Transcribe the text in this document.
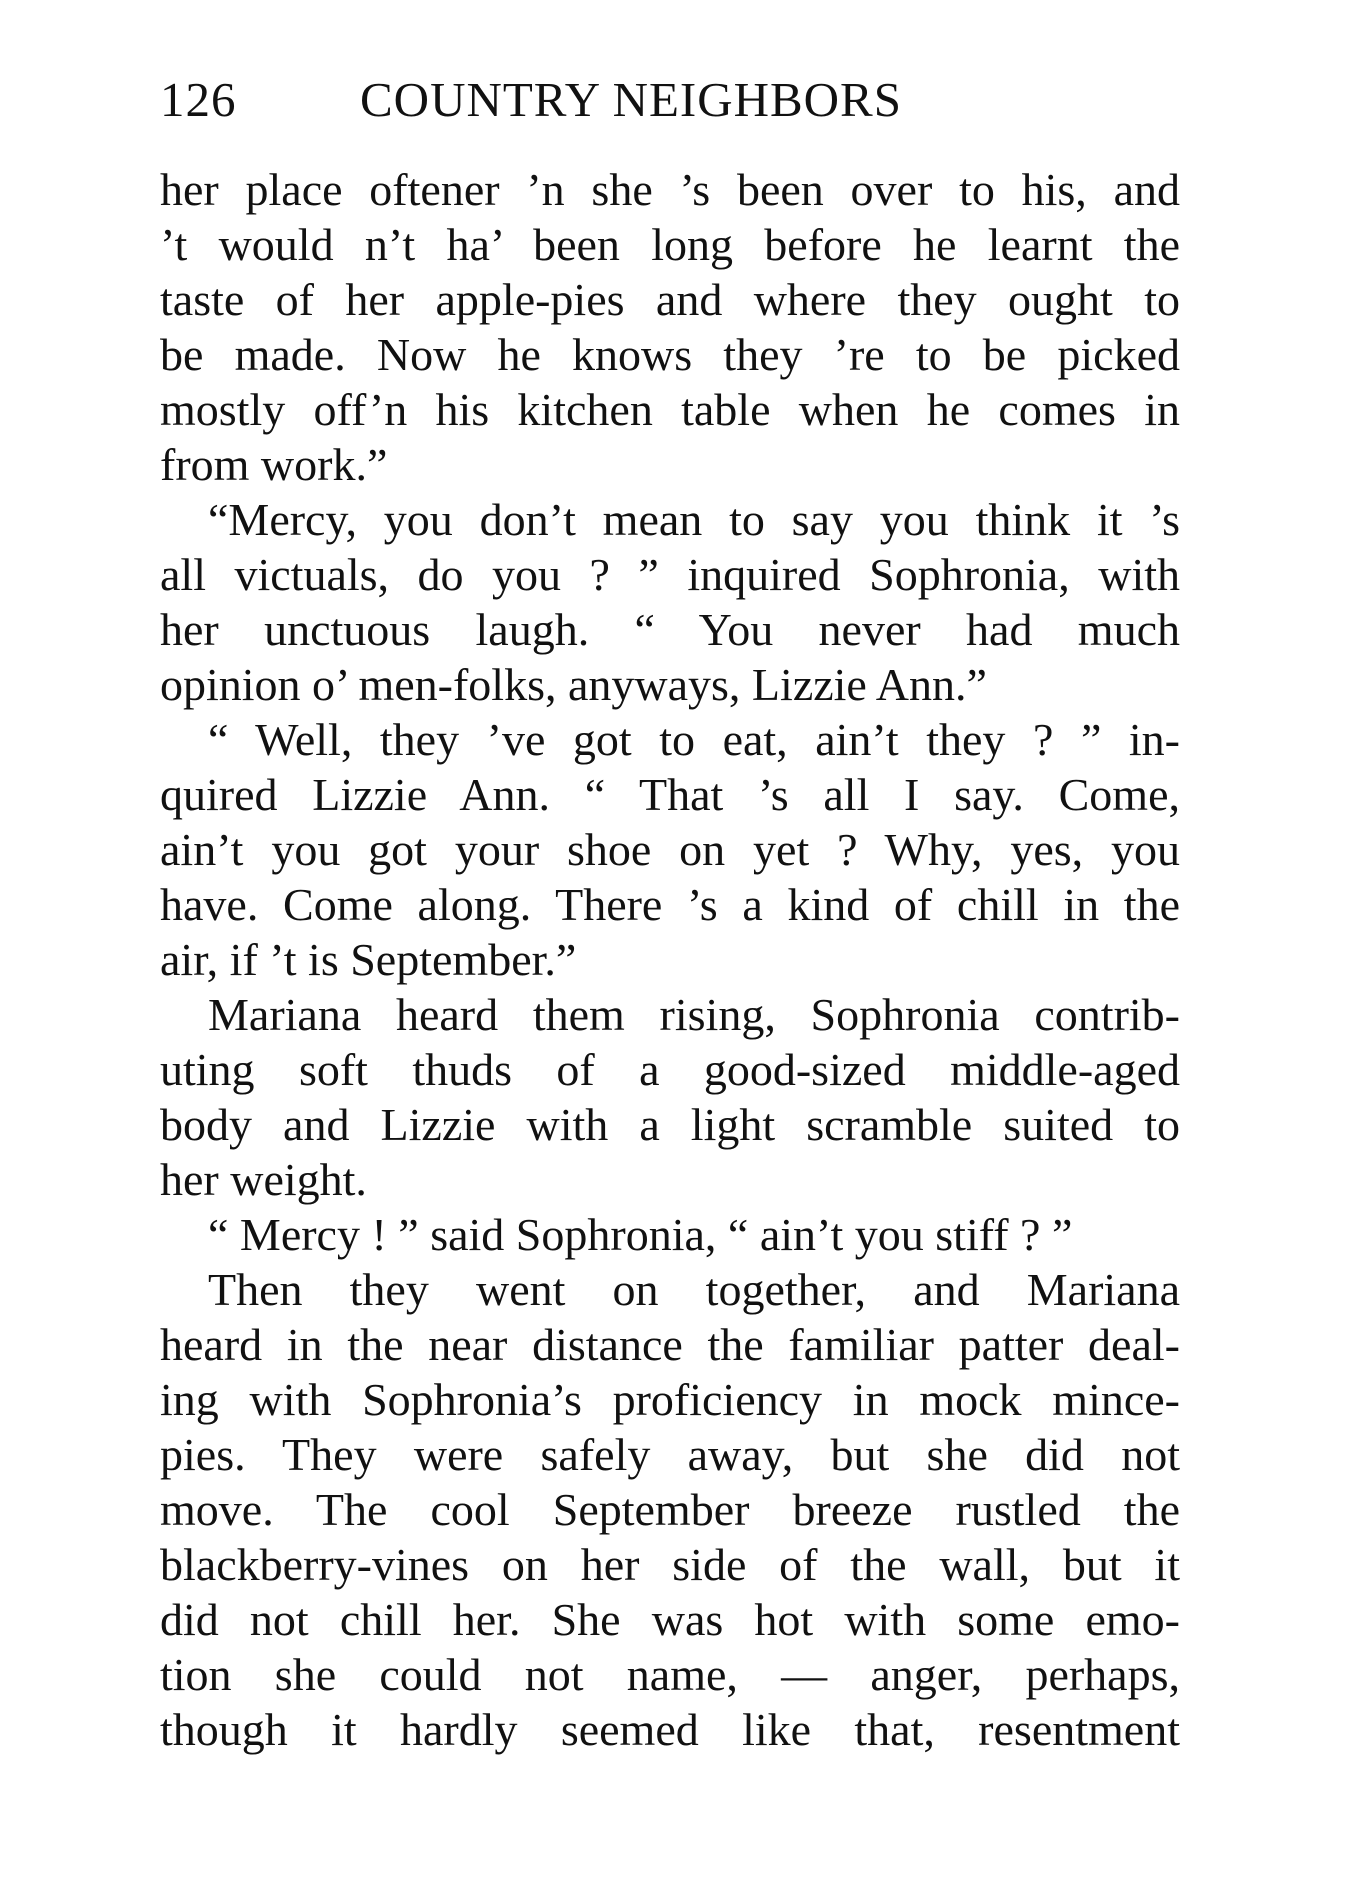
126	COUNTRY NEIGHBORS
her place oftener ’n she ’s been over to his, and
’t would n’t ha’ been long before he learnt the
taste of her apple-pies and where they ought to
be made. Now he knows they ’re to be picked
mostly off’n his kitchen table when he comes in
from work.”
“Mercy, you don’t mean to say you think it ’s
all victuals, do you ? ” inquired Sophronia, with
her unctuous laugh. “ You never had much
opinion o’ men-folks, anyways, Lizzie Ann.”
“ Well, they ’ve got to eat, ain’t they ? ” in-
quired Lizzie Ann. “ That ’s all I say. Come,
ain’t you got your shoe on yet ? Why, yes, you
have. Come along. There ’s a kind of chill in the
air, if ’t is September.”
Mariana heard them rising, Sophronia contrib-
uting soft thuds of a good-sized middle-aged
body and Lizzie with a light scramble suited to
her weight.
“ Mercy ! ” said Sophronia, “ ain’t you stiff ? ”
Then they went on together, and Mariana
heard in the near distance the familiar patter deal-
ing with Sophronia’s proficiency in mock mince-
pies. They were safely away, but she did not
move. The cool September breeze rustled the
blackberry-vines on her side of the wall, but it
did not chill her. She was hot with some emo-
tion she could not name, — anger, perhaps,
though it hardly seemed like that, resentment
